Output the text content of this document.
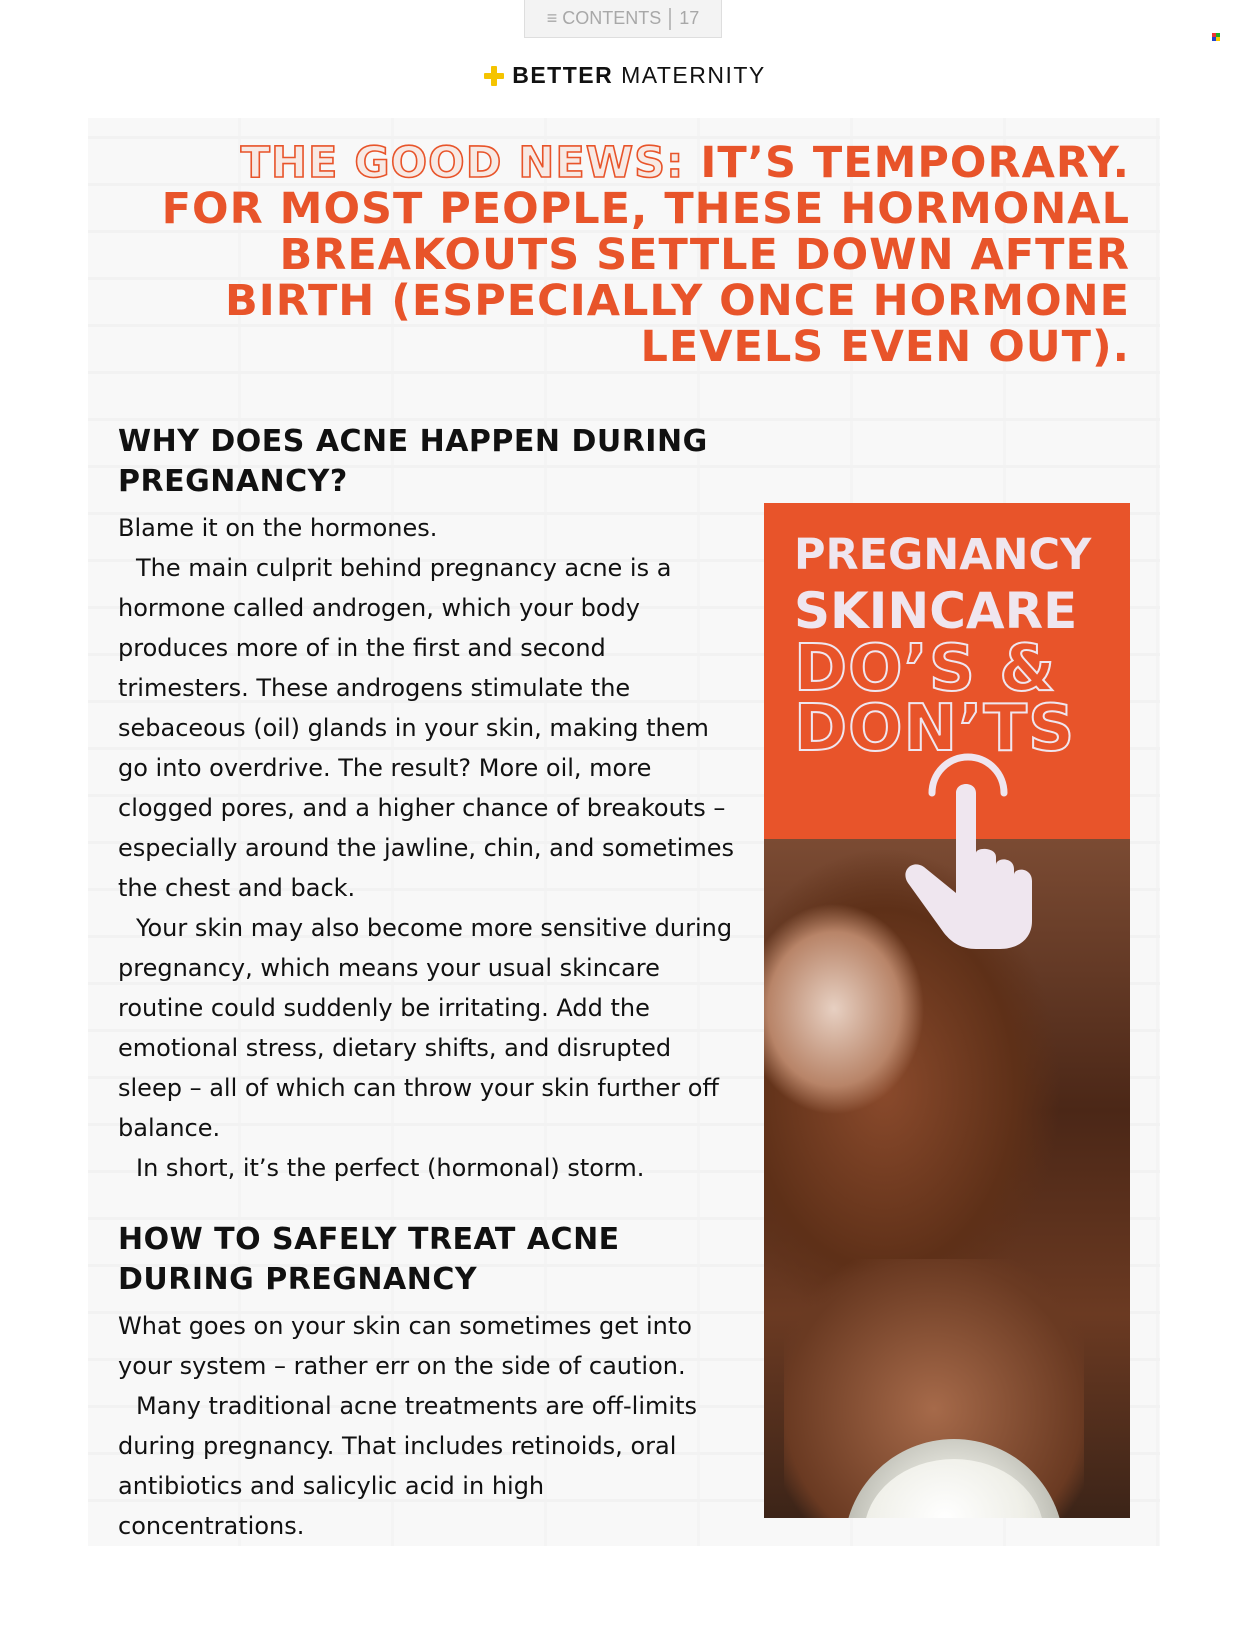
≡ CONTENTS 17
BETTER MATERNITY
THE GOOD NEWS: IT’S TEMPORARY.
FOR MOST PEOPLE, THESE HORMONAL
BREAKOUTS SETTLE DOWN AFTER
BIRTH (ESPECIALLY ONCE HORMONE
LEVELS EVEN OUT).
WHY DOES ACNE HAPPEN DURING PREGNANCY?

Blame it on the hormones.

The main culprit behind pregnancy acne is a hormone called androgen, which your body produces more of in the first and second trimesters. These androgens stimulate the sebaceous (oil) glands in your skin, making them go into overdrive. The result? More oil, more clogged pores, and a higher chance of breakouts – especially around the jawline, chin, and sometimes the chest and back.

Your skin may also become more sensitive during pregnancy, which means your usual skincare routine could suddenly be irritating. Add the emotional stress, dietary shifts, and disrupted sleep – all of which can throw your skin further off balance.

In short, it’s the perfect (hormonal) storm.

HOW TO SAFELY TREAT ACNE
DURING PREGNANCY

What goes on your skin can sometimes get into your system – rather err on the side of caution.

Many traditional acne treatments are off-limits during pregnancy. That includes retinoids, oral antibiotics and salicylic acid in high concentrations.

PREGNANCY
SKINCARE
DO’S &
DON’TS
